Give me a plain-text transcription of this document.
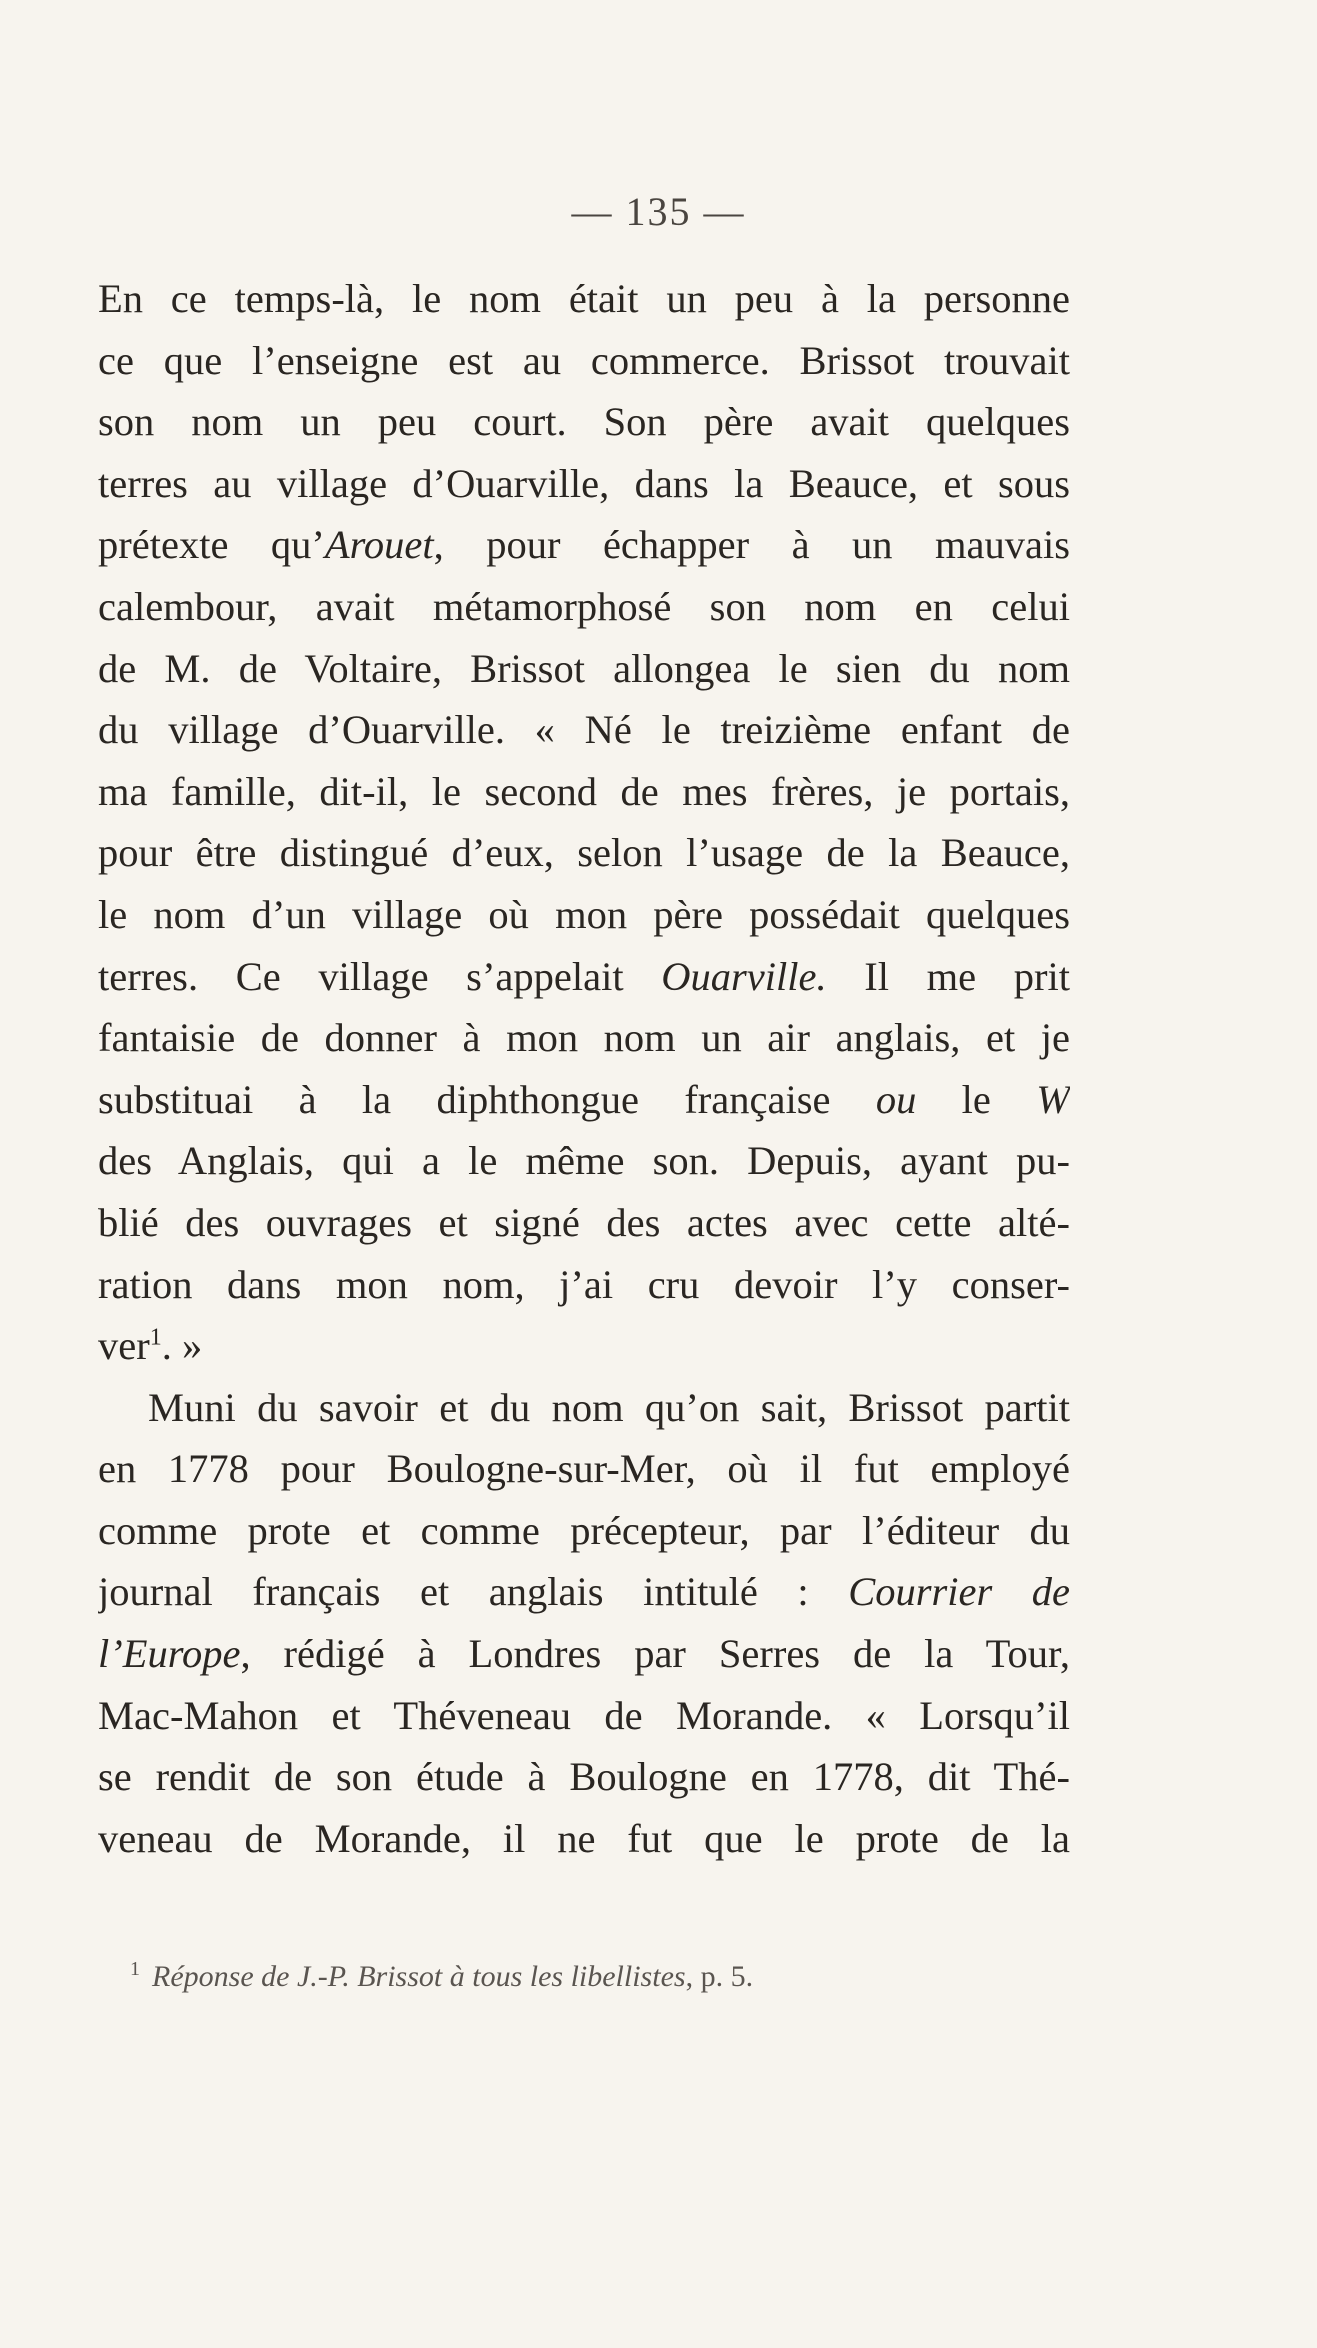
— 135 —
En ce temps-là, le nom était un peu à la personne
ce que l’enseigne est au commerce. Brissot trouvait
son nom un peu court. Son père avait quelques
terres au village d’Ouarville, dans la Beauce, et sous
prétexte qu’Arouet, pour échapper à un mauvais
calembour, avait métamorphosé son nom en celui
de M. de Voltaire, Brissot allongea le sien du nom
du village d’Ouarville. « Né le treizième enfant de
ma famille, dit-il, le second de mes frères, je portais,
pour être distingué d’eux, selon l’usage de la Beauce,
le nom d’un village où mon père possédait quelques
terres. Ce village s’appelait Ouarville. Il me prit
fantaisie de donner à mon nom un air anglais, et je
substituai à la diphthongue française ou le W
des Anglais, qui a le même son. Depuis, ayant pu-
blié des ouvrages et signé des actes avec cette alté-
ration dans mon nom, j’ai cru devoir l’y conser-
ver$^1$. »
Muni du savoir et du nom qu’on sait, Brissot partit
en 1778 pour Boulogne-sur-Mer, où il fut employé
comme prote et comme précepteur, par l’éditeur du
journal français et anglais intitulé : Courrier de
l’Europe, rédigé à Londres par Serres de la Tour,
Mac-Mahon et Théveneau de Morande. « Lorsqu’il
se rendit de son étude à Boulogne en 1778, dit Thé-
veneau de Morande, il ne fut que le prote de la
$^1$ Réponse de J.-P. Brissot à tous les libellistes, p. 5.
